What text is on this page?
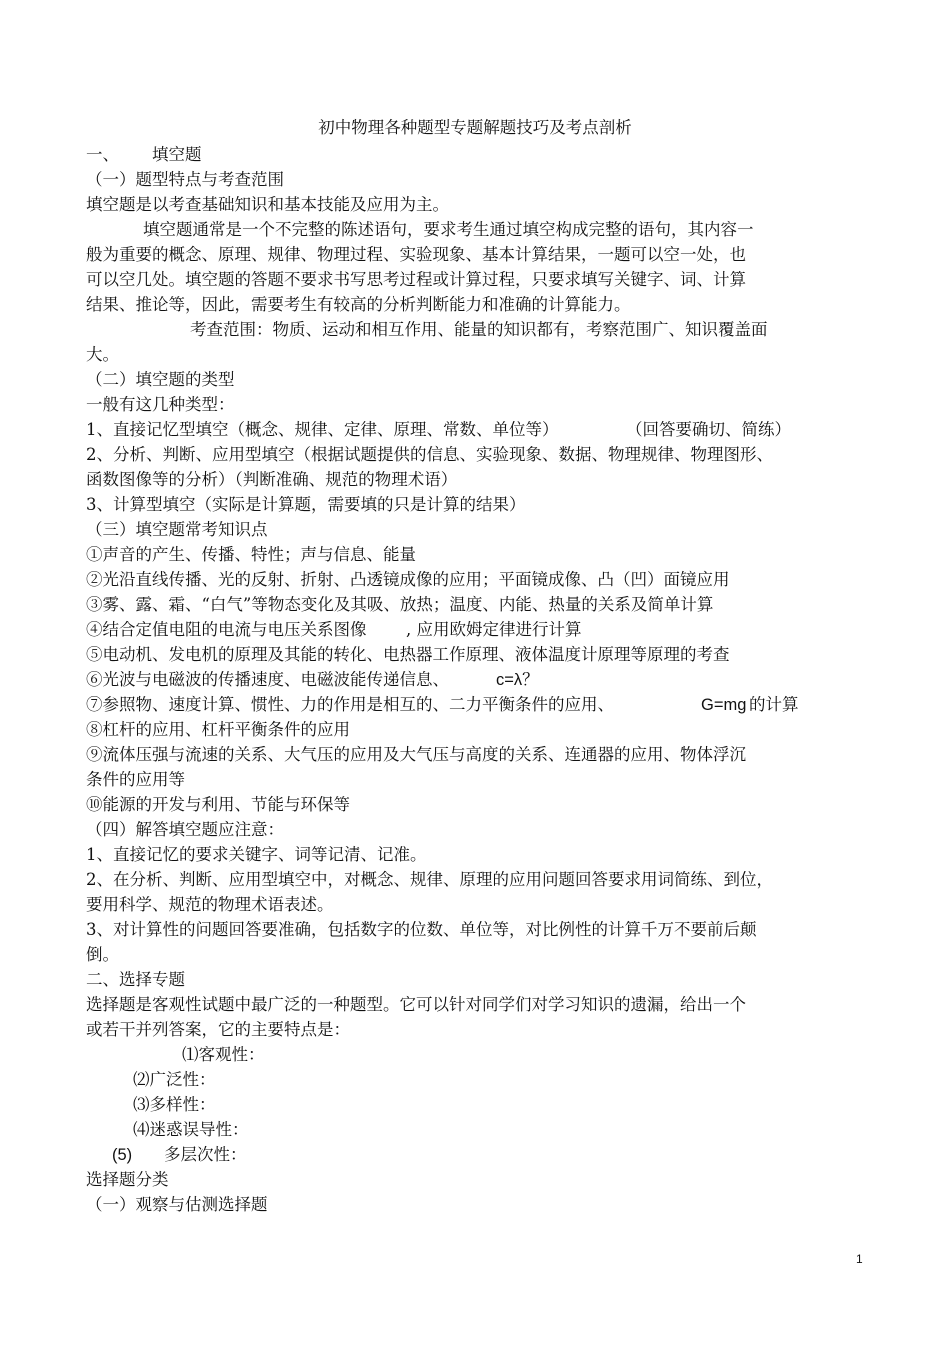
初中物理各种题型专题解题技巧及考点剖析
一、 填空题
（一）题型特点与考查范围
填空题是以考查基础知识和基本技能及应用为主。
填空题通常是一个不完整的陈述语句，要求考生通过填空构成完整的语句，其内容一
般为重要的概念、原理、规律、物理过程、实验现象、基本计算结果，一题可以空一处，也
可以空几处。填空题的答题不要求书写思考过程或计算过程，只要求填写关键字、词、计算
结果、推论等，因此，需要考生有较高的分析判断能力和准确的计算能力。
考查范围：物质、运动和相互作用、能量的知识都有，考察范围广、知识覆盖面
大。
（二）填空题的类型
一般有这几种类型：
1、直接记忆型填空（概念、规律、定律、原理、常数、单位等）	（回答要确切、简练）
2、分析、判断、应用型填空（根据试题提供的信息、实验现象、数据、物理规律、物理图形、
函数图像等的分析）（判断准确、规范的物理术语）
3、计算型填空（实际是计算题，需要填的只是计算的结果）
（三）填空题常考知识点
①声音的产生、传播、特性；声与信息、能量
②光沿直线传播、光的反射、折射、凸透镜成像的应用；平面镜成像、凸（凹）面镜应用
③雾、露、霜、“白气”等物态变化及其吸、放热；温度、内能、热量的关系及简单计算
④结合定值电阻的电流与电压关系图像 , 应用欧姆定律进行计算
⑤电动机、发电机的原理及其能的转化、电热器工作原理、液体温度计原理等原理的考查
⑥光波与电磁波的传播速度、电磁波能传递信息、	c=λ？
⑦参照物、速度计算、惯性、力的作用是相互的、二力平衡条件的应用、	G=mg 的计算
⑧杠杆的应用、杠杆平衡条件的应用
⑨流体压强与流速的关系、大气压的应用及大气压与高度的关系、连通器的应用、物体浮沉
条件的应用等
⑩能源的开发与利用、节能与环保等
（四）解答填空题应注意：
1、直接记忆的要求关键字、词等记清、记准。
2、在分析、判断、应用型填空中，对概念、规律、原理的应用问题回答要求用词简练、到位，
要用科学、规范的物理术语表述。
3、对计算性的问题回答要准确，包括数字的位数、单位等，对比例性的计算千万不要前后颠
倒。
二、选择专题
选择题是客观性试题中最广泛的一种题型。它可以针对同学们对学习知识的遗漏，给出一个
或若干并列答案，它的主要特点是：
⑴客观性：
⑵广泛性：
⑶多样性：
⑷迷惑误导性：
(5) 多层次性：
选择题分类
（一）观察与估测选择题
1
